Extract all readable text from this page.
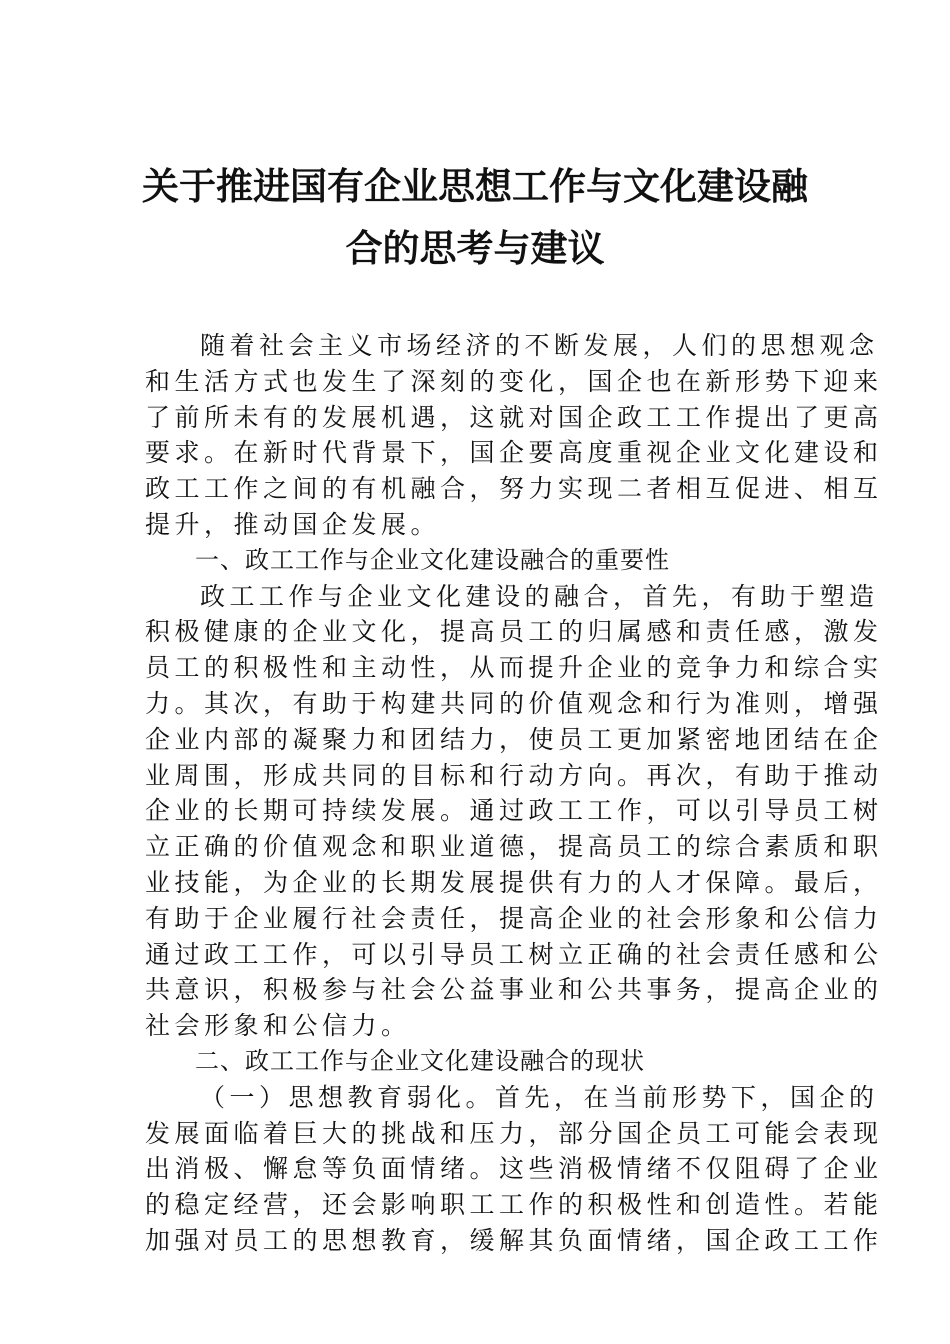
关于推进国有企业思想工作与文化建设融
合的思考与建议
随着社会主义市场经济的不断发展，人们的思想观念
和生活方式也发生了深刻的变化，国企也在新形势下迎来
了前所未有的发展机遇，这就对国企政工工作提出了更高
要求。在新时代背景下，国企要高度重视企业文化建设和
政工工作之间的有机融合，努力实现二者相互促进、相互
提升，推动国企发展。
一、政工工作与企业文化建设融合的重要性
政工工作与企业文化建设的融合，首先，有助于塑造
积极健康的企业文化，提高员工的归属感和责任感，激发
员工的积极性和主动性，从而提升企业的竞争力和综合实
力。其次，有助于构建共同的价值观念和行为准则，增强
企业内部的凝聚力和团结力，使员工更加紧密地团结在企
业周围，形成共同的目标和行动方向。再次，有助于推动
企业的长期可持续发展。通过政工工作，可以引导员工树
立正确的价值观念和职业道德，提高员工的综合素质和职
业技能，为企业的长期发展提供有力的人才保障。最后，
有助于企业履行社会责任，提高企业的社会形象和公信力
通过政工工作，可以引导员工树立正确的社会责任感和公
共意识，积极参与社会公益事业和公共事务，提高企业的
社会形象和公信力。
二、政工工作与企业文化建设融合的现状
（一）思想教育弱化。首先，在当前形势下，国企的
发展面临着巨大的挑战和压力，部分国企员工可能会表现
出消极、懈怠等负面情绪。这些消极情绪不仅阻碍了企业
的稳定经营，还会影响职工工作的积极性和创造性。若能
加强对员工的思想教育，缓解其负面情绪，国企政工工作
